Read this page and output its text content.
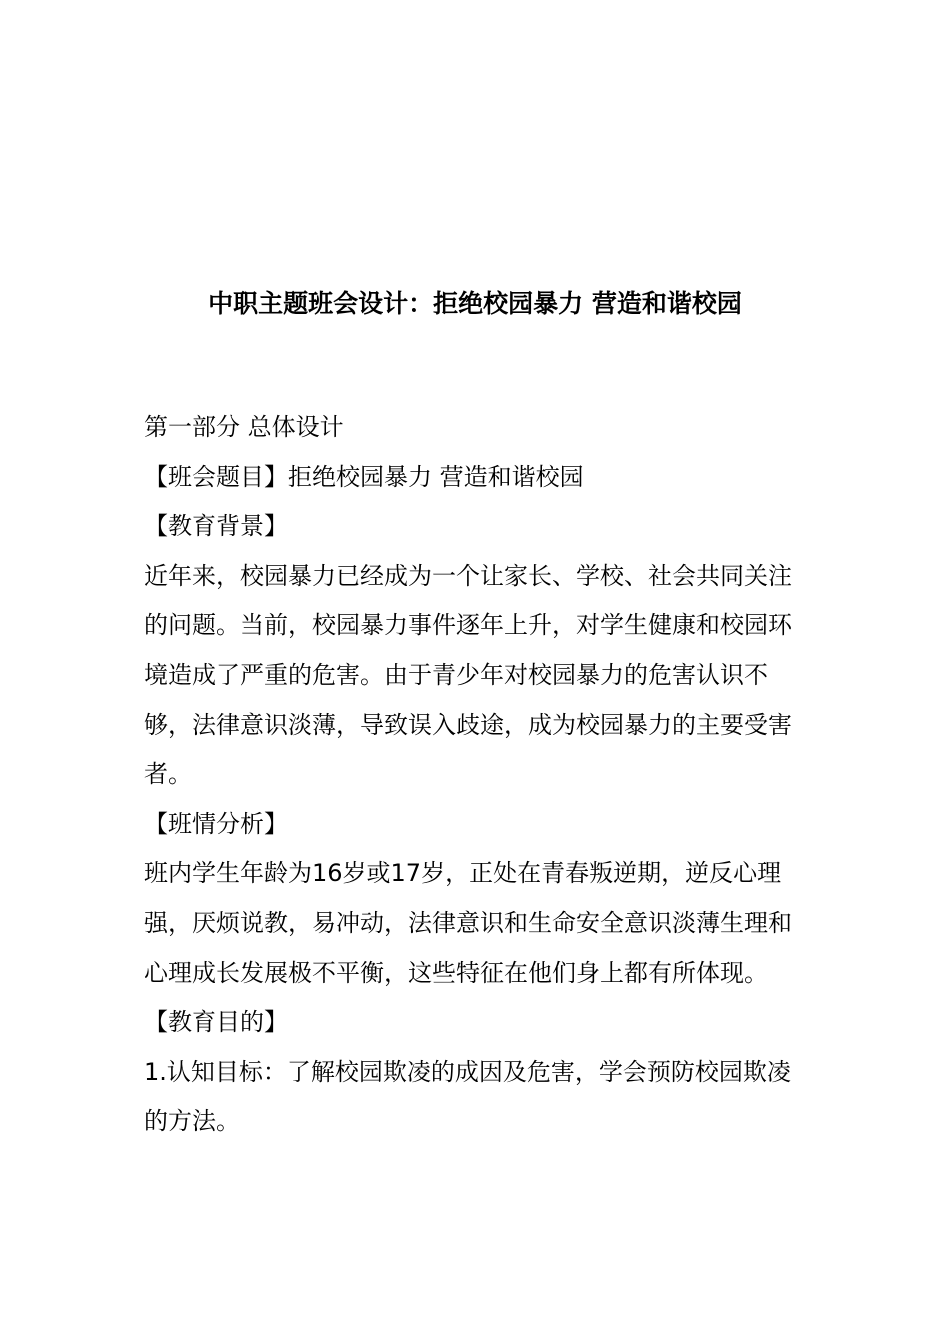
中职主题班会设计：拒绝校园暴力 营造和谐校园

第一部分 总体设计

【班会题目】拒绝校园暴力 营造和谐校园

【教育背景】

近年来，校园暴力已经成为一个让家长、学校、社会共同关注的问题。当前，校园暴力事件逐年上升，对学生健康和校园环境造成了严重的危害。由于青少年对校园暴力的危害认识不够，法律意识淡薄，导致误入歧途，成为校园暴力的主要受害者。

【班情分析】

班内学生年龄为16岁或17岁，正处在青春叛逆期，逆反心理强，厌烦说教，易冲动，法律意识和生命安全意识淡薄生理和心理成长发展极不平衡，这些特征在他们身上都有所体现。

【教育目的】

1.认知目标：了解校园欺凌的成因及危害，学会预防校园欺凌的方法。
